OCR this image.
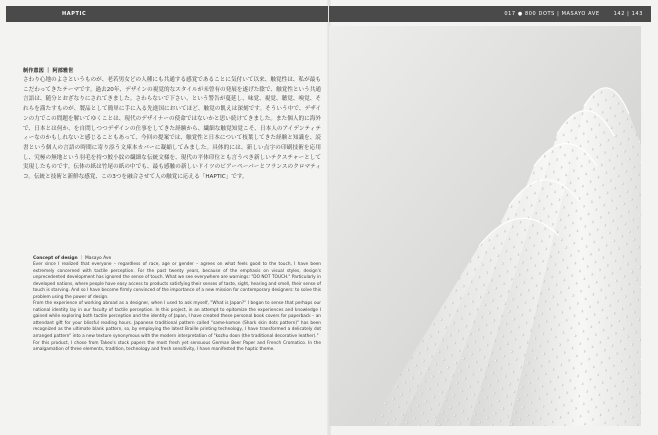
HAPTIC	017 ● 800 DOTS | MASAYO AVE	142 | 143
制作意図 ｜ 阿部雅世
さわり心地のよさというものが、老若男女どの人種にも共通する感覚であることに気付いて以来、触覚性は、私が最もこだわってきたテーマです。過去20年、デザインの視覚的なスタイルが未曾有の発展を遂げた陰で、触覚性という共通言語は、随分とおざなりにされてきました。さわらないで下さい、という警告が蔓延し、味覚、視覚、聴覚、嗅覚、それらを満たすものが、製品として簡単に手に入る先進国においてほど、触覚の飢えは深刻です。そういう中で、デザインの力でこの問題を解いてゆくことは、現代のデザイナーの使命ではないかと思い続けてきました。また個人的に海外で、日本とは何か、を自問しつつデザインの仕事をしてきた経験から、繊細な触覚知覚こそ、日本人のアイデンティティーなのかもしれないと感じることもあって、今回の提案では、触覚性と日本について枝葉してきた経験と知識を、読書という個人の言語の時間に寄り添う文庫本カバーに凝縮してみました。具体的には、新しい点字の印刷技術を応用し、究極の無地という羽毛を持つ鮫小紋の繊細な伝統文様を、現代の平体印位とも言うべき新しいテクスチャーとして実現したものです。伝体の紙は竹尾の紙の中でも、最も感触の新しいドイツのビアーペーパーとフランスのクロマティコ。伝統と技術と新鮮な感覚、この3つを融合させて人の触覚に応える「HAPTIC」です。
Concept of design ｜ Masayo Ave

Ever since I realized that everyone – regardless of race, age or gender – agrees on what feels good to the touch, I have been extremely concerned with tactile perception. For the past twenty years, because of the emphasis on visual styles, design's unprecedented development has ignored the sense of touch. What we see everywhere are warnings: "DO NOT TOUCH." Particularly in developed nations, where people have easy access to products satisfying their senses of taste, sight, hearing and smell, their sense of touch is starving. And so I have become firmly convinced of the importance of a new mission for contemporary designers: to solve this problem using the power of design.

From the experience of working abroad as a designer, when I used to ask myself, "What is Japan?" I began to sense that perhaps our national identity lay in our faculty of tactile perception. In this project, in an attempt to epitomize the experiences and knowledge I gained while exploring both tactile perception and the identity of Japan, I have created these personal book covers for paperback – an attendant gift for your blissful reading hours. Japanese traditional pattern called "same-komon (Shark skin dots pattern)" has been recognized as the ultimate blank pattern, so, by employing the latest Braille printing technology, I have transformed a delicately dot arranged pattern" into a new texture synonymous with the modern interpretation of "kozhu doon (the traditional decorative leather)."

For this product, I chose from Takeo's stock papers the most fresh yet sensuous German Beer Paper and French Cromatico. In the amalgamation of three elements, tradition, technology and fresh sensitivity, I have manifested the haptic theme.
